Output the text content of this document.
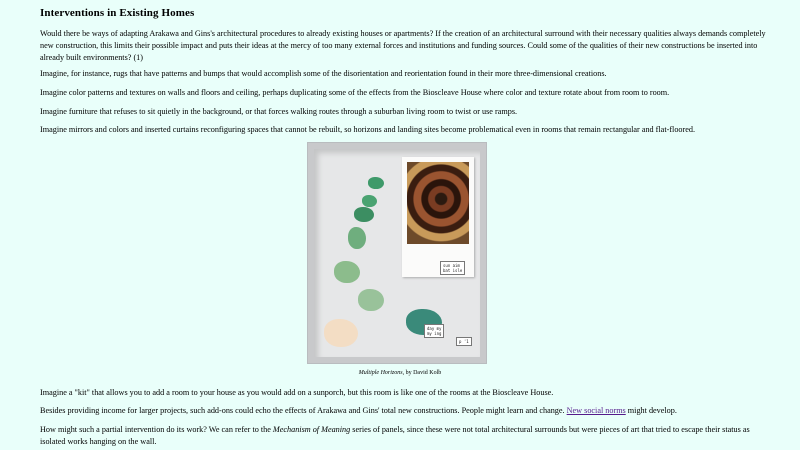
Interventions in Existing Homes

Would there be ways of adapting Arakawa and Gins's architectural procedures to already existing houses or apartments? If the creation of an architectural surround with their necessary qualities always demands completely new construction, this limits their possible impact and puts their ideas at the mercy of too many external forces and institutions and funding sources. Could some of the qualities of their new constructions be inserted into already built environments? (1)

Imagine, for instance, rugs that have patterns and bumps that would accomplish some of the disorientation and reorientation found in their more three-dimensional creations.

Imagine color patterns and textures on walls and floors and ceiling, perhaps duplicating some of the effects from the Bioscleave House where color and texture rotate about from room to room.

Imagine furniture that refuses to sit quietly in the background, or that forces walking routes through a suburban living room to twist or use ramps.

Imagine mirrors and colors and inserted curtains reconfiguring spaces that cannot be rebuilt, so horizons and landing sites become problematical even in rooms that remain rectangular and flat-floored.

sun aim
bat isle
day my
my ing
p '1
Multiple Horizons, by David Kolb

Imagine a "kit" that allows you to add a room to your house as you would add on a sunporch, but this room is like one of the rooms at the Bioscleave House.

Besides providing income for larger projects, such add-ons could echo the effects of Arakawa and Gins' total new constructions. People might learn and change. New social norms might develop.

How might such a partial intervention do its work? We can refer to the Mechanism of Meaning series of panels, since these were not total architectural surrounds but were pieces of art that tried to escape their status as isolated works hanging on the wall.
